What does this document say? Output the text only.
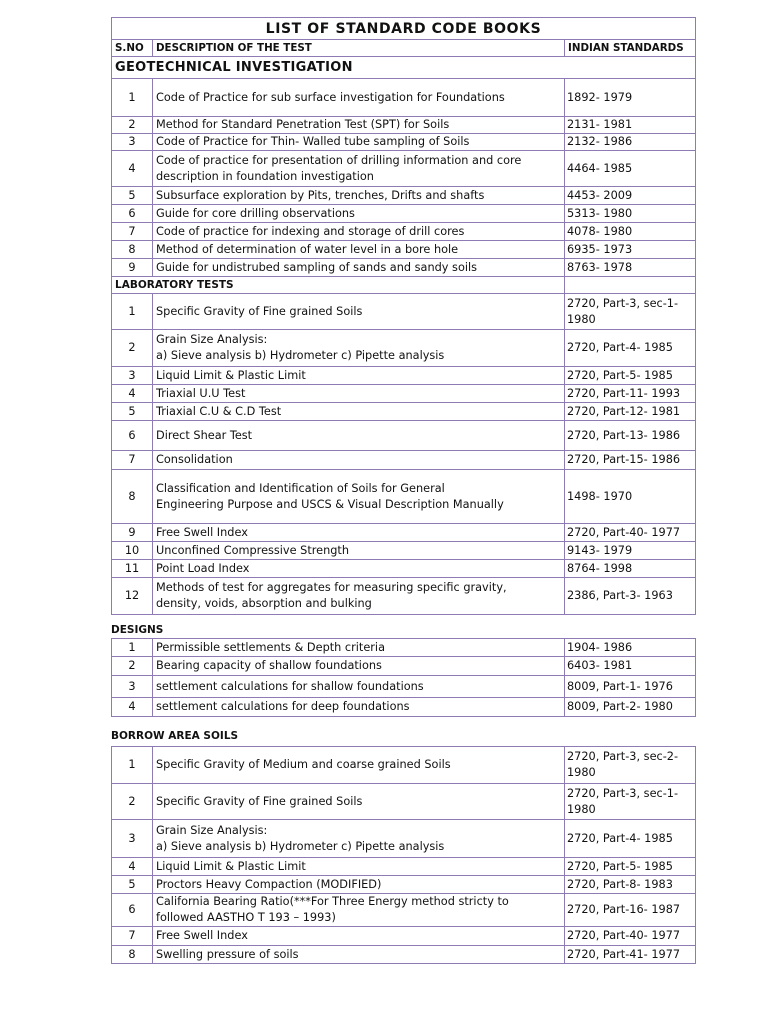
LIST OF STANDARD CODE BOOKS		
S.NO	DESCRIPTION OF THE TEST	INDIAN STANDARDS
GEOTECHNICAL INVESTIGATION		
1	Code of Practice for sub surface investigation for Foundations	1892- 1979

2	Method for Standard Penetration Test (SPT) for Soils	2131- 1981

3	Code of Practice for Thin- Walled tube sampling of Soils	2132- 1986

4	Code of practice for presentation of drilling information and core
description in foundation investigation	4464- 1985

5	Subsurface exploration by Pits, trenches, Drifts and shafts	4453- 2009

6	Guide for core drilling observations	5313- 1980

7	Code of practice for indexing and storage of drill cores	4078- 1980

8	Method of determination of water level in a bore hole	6935- 1973

9	Guide for undistrubed sampling of sands and sandy soils	8763- 1978

LABORATORY TESTS		
1	Specific Gravity of Fine grained Soils	2720, Part-3, sec-1-
1980

2	Grain Size Analysis:
a) Sieve analysis b) Hydrometer c) Pipette analysis	2720, Part-4- 1985

3	Liquid Limit & Plastic Limit	2720, Part-5- 1985

4	Triaxial U.U Test	2720, Part-11- 1993

5	Triaxial C.U & C.D Test	2720, Part-12- 1981

6	Direct Shear Test	2720, Part-13- 1986

7	Consolidation	2720, Part-15- 1986

8	Classification and Identification of Soils for General
Engineering Purpose and USCS & Visual Description Manually	1498- 1970

9	Free Swell Index	2720, Part-40- 1977

10	Unconfined Compressive Strength	9143- 1979

11	Point Load Index	8764- 1998

12	Methods of test for aggregates for measuring specific gravity,
density, voids, absorption and bulking	2386, Part-3- 1963
DESIGNS
1	Permissible settlements & Depth criteria	1904- 1986

2	Bearing capacity of shallow foundations	6403- 1981

3	settlement calculations for shallow foundations	8009, Part-1- 1976

4	settlement calculations for deep foundations	8009, Part-2- 1980
BORROW AREA SOILS
1	Specific Gravity of Medium and coarse grained Soils	2720, Part-3, sec-2-
1980

2	Specific Gravity of Fine grained Soils	2720, Part-3, sec-1-
1980

3	Grain Size Analysis:
a) Sieve analysis b) Hydrometer c) Pipette analysis	2720, Part-4- 1985

4	Liquid Limit & Plastic Limit	2720, Part-5- 1985

5	Proctors Heavy Compaction (MODIFIED)	2720, Part-8- 1983

6	California Bearing Ratio(***For Three Energy method stricty to
followed AASTHO T 193 – 1993)	2720, Part-16- 1987

7	Free Swell Index	2720, Part-40- 1977

8	Swelling pressure of soils	2720, Part-41- 1977
